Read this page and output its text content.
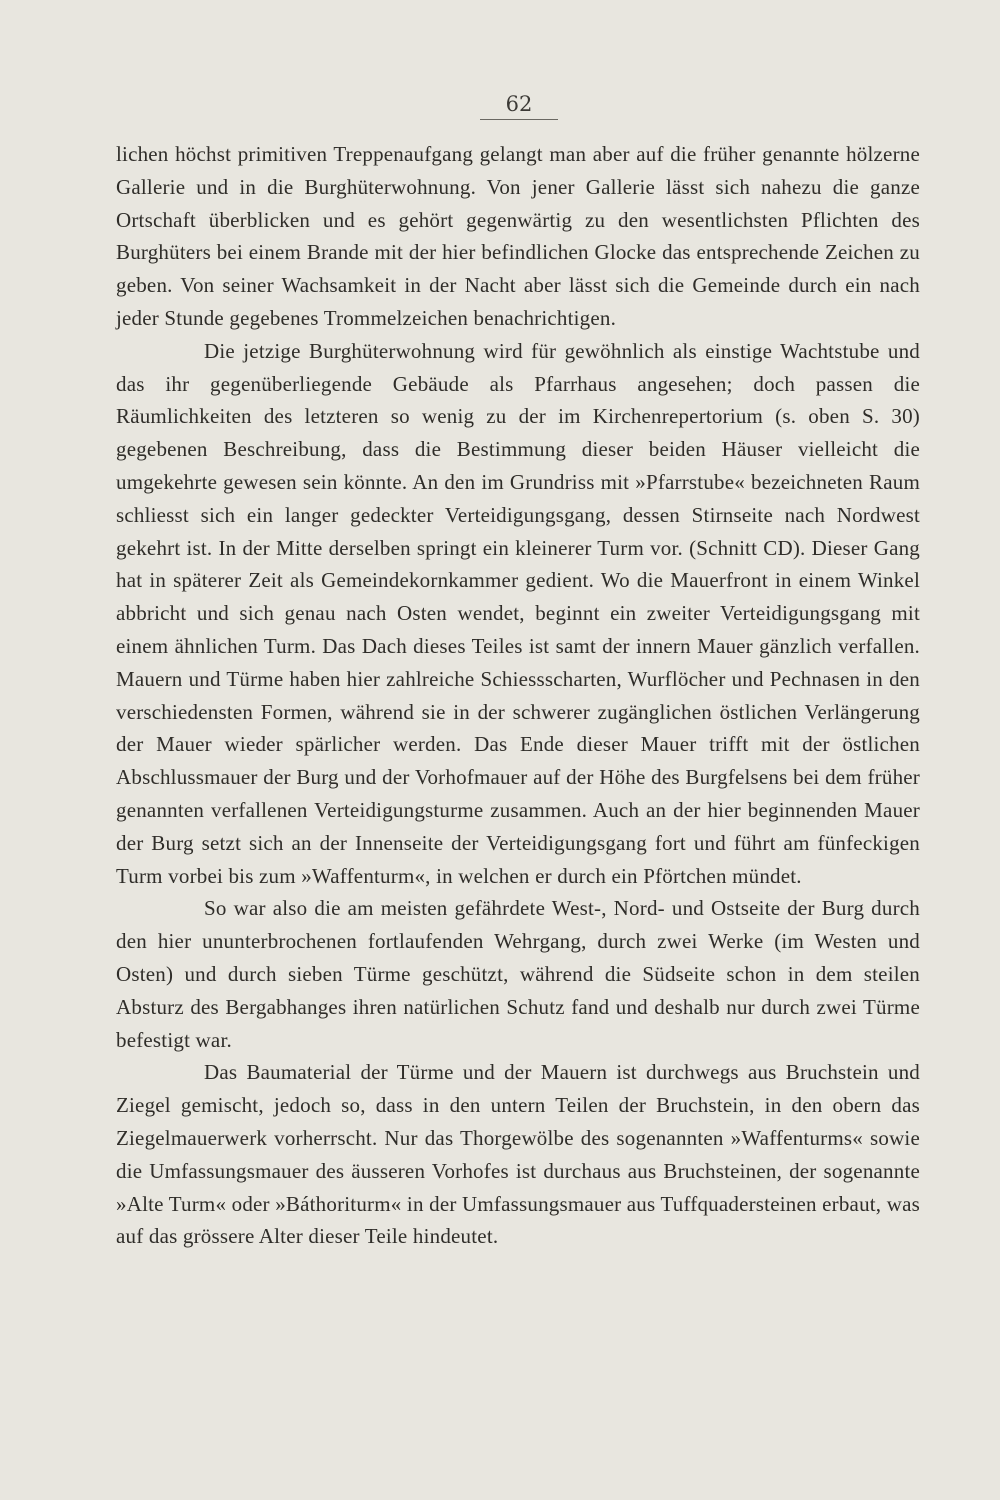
62

lichen höchst primitiven Treppenaufgang gelangt man aber auf die früher genannte hölzerne Gallerie und in die Burghüterwohnung. Von jener Gallerie lässt sich nahezu die ganze Ortschaft überblicken und es gehört gegenwärtig zu den wesentlichsten Pflichten des Burghüters bei einem Brande mit der hier befindlichen Glocke das entsprechende Zeichen zu geben. Von seiner Wachsamkeit in der Nacht aber lässt sich die Gemeinde durch ein nach jeder Stunde gegebenes Trommelzeichen benachrichtigen.

Die jetzige Burghüterwohnung wird für gewöhnlich als einstige Wachtstube und das ihr gegenüberliegende Gebäude als Pfarrhaus angesehen; doch passen die Räumlichkeiten des letzteren so wenig zu der im Kirchenrepertorium (s. oben S. 30) gegebenen Beschreibung, dass die Bestimmung dieser beiden Häuser vielleicht die umgekehrte gewesen sein könnte. An den im Grundriss mit »Pfarrstube« bezeichneten Raum schliesst sich ein langer gedeckter Verteidigungsgang, dessen Stirnseite nach Nordwest gekehrt ist. In der Mitte derselben springt ein kleinerer Turm vor. (Schnitt CD). Dieser Gang hat in späterer Zeit als Gemeindekornkammer gedient. Wo die Mauerfront in einem Winkel abbricht und sich genau nach Osten wendet, beginnt ein zweiter Verteidigungsgang mit einem ähnlichen Turm. Das Dach dieses Teiles ist samt der innern Mauer gänzlich verfallen. Mauern und Türme haben hier zahlreiche Schiessscharten, Wurflöcher und Pechnasen in den verschiedensten Formen, während sie in der schwerer zugänglichen östlichen Verlängerung der Mauer wieder spärlicher werden. Das Ende dieser Mauer trifft mit der östlichen Abschlussmauer der Burg und der Vorhofmauer auf der Höhe des Burgfelsens bei dem früher genannten verfallenen Verteidigungsturme zusammen. Auch an der hier beginnenden Mauer der Burg setzt sich an der Innenseite der Verteidigungsgang fort und führt am fünfeckigen Turm vorbei bis zum »Waffenturm«, in welchen er durch ein Pförtchen mündet.

So war also die am meisten gefährdete West-, Nord- und Ostseite der Burg durch den hier ununterbrochenen fortlaufenden Wehrgang, durch zwei Werke (im Westen und Osten) und durch sieben Türme geschützt, während die Südseite schon in dem steilen Absturz des Bergabhanges ihren natürlichen Schutz fand und deshalb nur durch zwei Türme befestigt war.

Das Baumaterial der Türme und der Mauern ist durchwegs aus Bruchstein und Ziegel gemischt, jedoch so, dass in den untern Teilen der Bruchstein, in den obern das Ziegelmauerwerk vorherrscht. Nur das Thorgewölbe des sogenannten »Waffenturms« sowie die Umfassungsmauer des äusseren Vorhofes ist durchaus aus Bruchsteinen, der sogenannte »Alte Turm« oder »Báthoriturm« in der Umfassungsmauer aus Tuffquadersteinen erbaut, was auf das grössere Alter dieser Teile hindeutet.
